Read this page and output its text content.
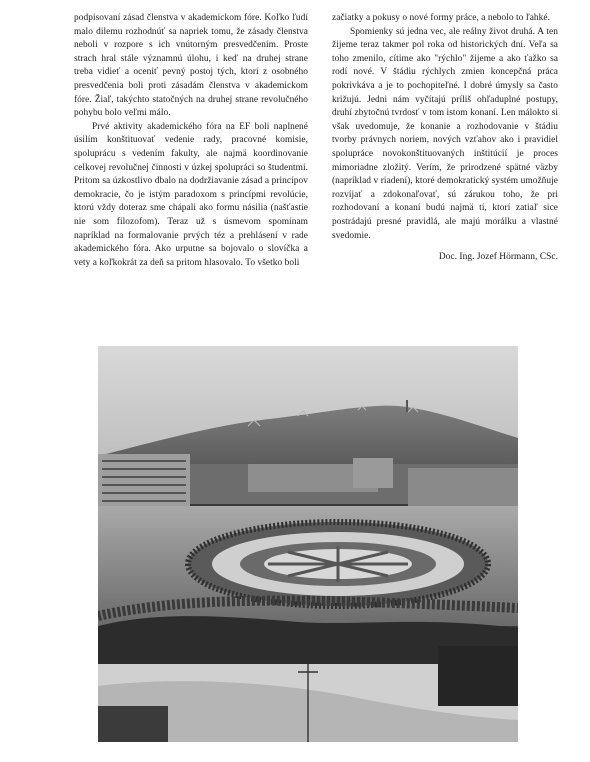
podpisovaní zásad členstva v akademickom fóre. Koľko ľudí malo dilemu rozhodnúť sa napriek tomu, že zásady členstva neboli v rozpore s ich vnútorným presvedčením. Proste strach hral stále významnú úlohu, i keď na druhej strane treba vidieť a oceniť pevný postoj tých, ktorí z osobného presvedčenia boli proti zásadám členstva v akademickom fóre. Žiaľ, takýchto statočných na druhej strane revolučného pohybu bolo veľmi málo.

Prvé aktivity akademického fóra na EF boli naplnené úsilím konštituovať vedenie rady, pracovné komisie, spoluprácu s vedením fakulty, ale najmä koordinovanie celkovej revolučnej činnosti v úzkej spolupráci so študentmi. Pritom sa úzkostlivo dbalo na dodržiavanie zásad a princípov demokracie, čo je istým paradoxom s princípmi revolúcie, ktorú vždy doteraz sme chápali ako formu násilia (našťastie nie som filozofom). Teraz už s úsmevom spomínam napríklad na formalovanie prvých téz a prehlásení v rade akademického fóra. Ako urputne sa bojovalo o slovíčka a vety a koľkokrát za deň sa pritom hlasovalo. To všetko boli

začiatky a pokusy o nové formy práce, a nebolo to ľahké.

Spomienky sú jedna vec, ale reálny život druhá. A ten žijeme teraz takmer pol roka od historických dní. Veľa sa toho zmenilo, cítime ako "rýchlo" žijeme a ako ťažko sa rodí nové. V štádiu rýchlych zmien koncepčná práca pokrivkáva a je to pochopiteľné. I dobré úmysly sa často križujú. Jedni nám vyčítajú príliš ohľaduplné postupy, druhí zbytočnú tvrdosť v tom istom konaní. Len málokto si však uvedomuje, že konanie a rozhodovanie v štádiu tvorby právnych noriem, nových vzťahov ako i pravidiel spolupráce novokonštituovaných inštitúcií je proces mimoriadne zložitý. Verím, že prirodzené spätné väzby (napríklad v riadení), ktoré demokratický systém umožňuje rozvíjať a zdokonaľovať, sú zárukou toho, že pri rozhodovaní a konaní budú najmä tí, ktorí zatiaľ sice postrádajú presné pravidlá, ale majú morálku a vlastné svedomie.

Doc. Ing. Jozef Hörmann, CSc.
